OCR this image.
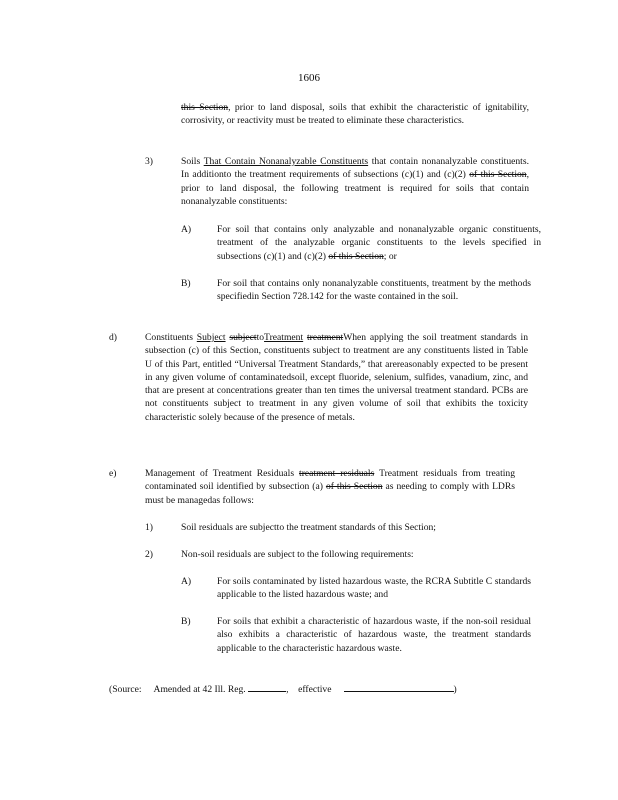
1606

this Section, prior to land disposal, soils that exhibit the characteristic of ignitability, corrosivity, or reactivity must be treated to eliminate these characteristics.

3)	Soils That Contain Nonanalyzable Constituents that contain nonanalyzable constituents. In additionto the treatment requirements of subsections (c)(1) and (c)(2) of this Section, prior to land disposal, the following treatment is required for soils that contain nonanalyzable constituents:

A)	For soil that contains only analyzable and nonanalyzable organic constituents, treatment of the analyzable organic constituents to the levels specified in subsections (c)(1) and (c)(2) of this Section; or

B)	For soil that contains only nonanalyzable constituents, treatment by the methods specifiedin Section 728.142 for the waste contained in the soil.

d)	Constituents Subject subjecttoTreatment treatmentWhen applying the soil treatment standards in subsection (c) of this Section, constituents subject to treatment are any constituents listed in Table U of this Part, entitled “Universal Treatment Standards,” that arereasonably expected to be present in any given volume of contaminatedsoil, except fluoride, selenium, sulfides, vanadium, zinc, and that are present at concentrations greater than ten times the universal treatment standard. PCBs are not constituents subject to treatment in any given volume of soil that exhibits the toxicity characteristic solely because of the presence of metals.

e)	Management of Treatment Residuals treatment residuals Treatment residuals from treating contaminated soil identified by subsection (a) of this Section as needing to comply with LDRs must be managedas follows:

1)	Soil residuals are subjectto the treatment standards of this Section;

2)	Non-soil residuals are subject to the following requirements:

A)	For soils contaminated by listed hazardous waste, the RCRA Subtitle C standards applicable to the listed hazardous waste; and

B)	For soils that exhibit a characteristic of hazardous waste, if the non-soil residual also exhibits a characteristic of hazardous waste, the treatment standards applicable to the characteristic hazardous waste.

(Source: Amended at 42 Ill. Reg.	, effective	)
